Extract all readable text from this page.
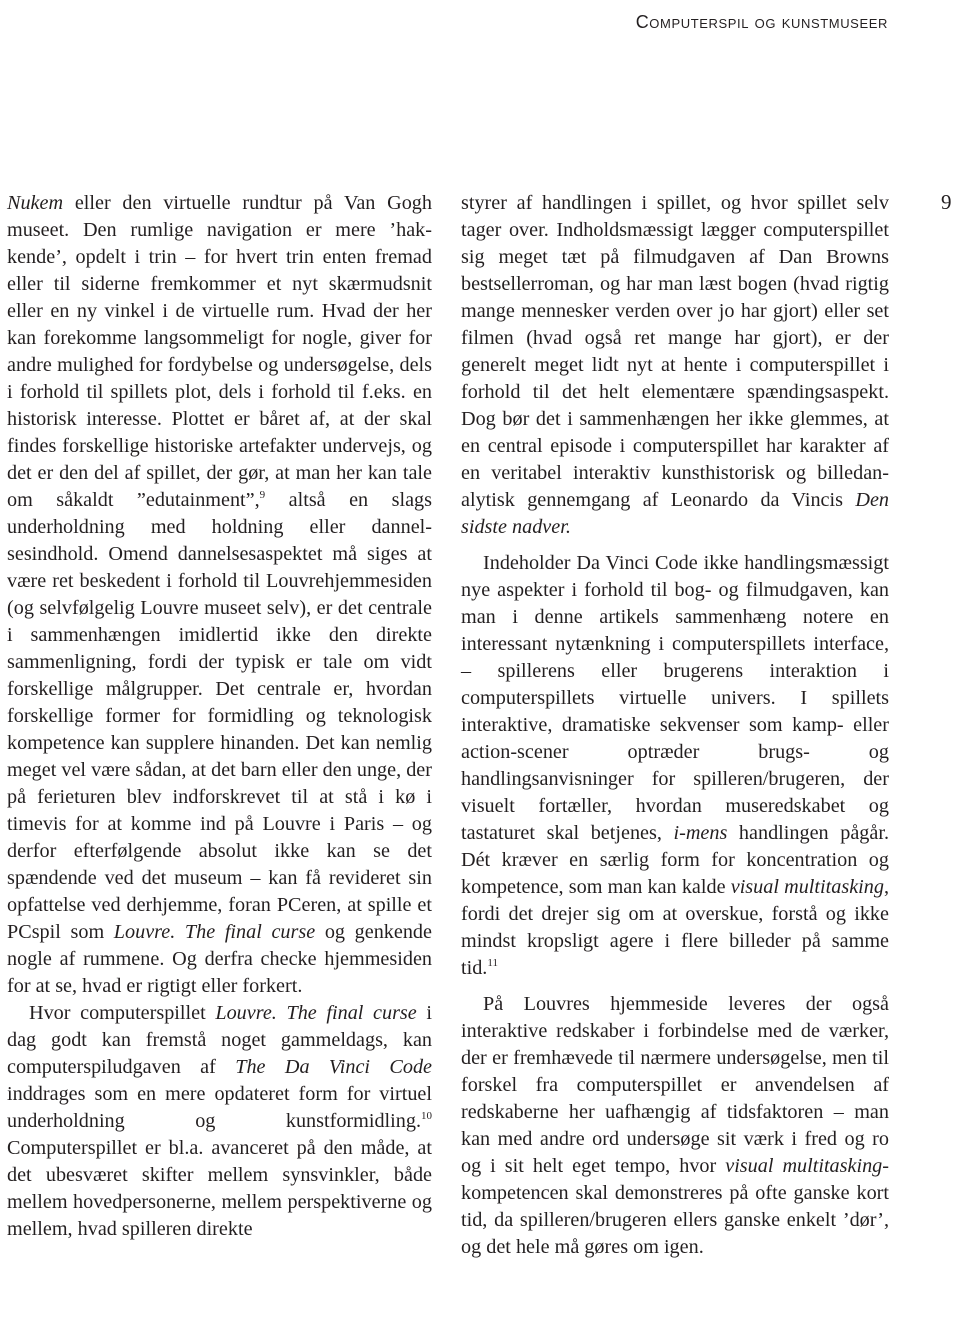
Computerspil og kunstmuseer
9

Nukem eller den virtuelle rundtur på Van Gogh museet. Den rumlige navigation er mere ’hakkende’, opdelt i trin – for hvert trin enten fremad eller til siderne fremkommer et nyt skærmudsnit eller en ny vinkel i de virtuelle rum. Hvad der her kan forekomme langsommeligt for nogle, giver for andre mulighed for fordybelse og undersøgelse, dels i forhold til spillets plot, dels i forhold til f.eks. en historisk interesse. Plottet er båret af, at der skal findes forskellige historiske artefakter undervejs, og det er den del af spillet, der gør, at man her kan tale om såkaldt ”edutainment”,$^9$ altså en slags underholdning med holdning eller dannelsesindhold. Omend dannelsesaspektet må siges at være ret beskedent i forhold til Louvrehjemmesiden (og selvfølgelig Louvre museet selv), er det centrale i sammenhængen imidlertid ikke den direkte sammenligning, fordi der typisk er tale om vidt forskellige målgrupper. Det centrale er, hvordan forskellige former for formidling og teknologisk kompetence kan supplere hinanden. Det kan nemlig meget vel være sådan, at det barn eller den unge, der på ferieturen blev indforskrevet til at stå i kø i timevis for at komme ind på Louvre i Paris – og derfor efterfølgende absolut ikke kan se det spændende ved det museum – kan få revideret sin opfattelse ved derhjemme, foran PCeren, at spille et PCspil som Louvre. The final curse og genkende nogle af rummene. Og derfra checke hjemmesiden for at se, hvad er rigtigt eller forkert.

Hvor computerspillet Louvre. The final curse i dag godt kan fremstå noget gammeldags, kan computerspiludgaven af The Da Vinci Code inddrages som en mere opdateret form for virtuel underholdning og kunstformidling.$^{10}$ Computerspillet er bl.a. avanceret på den måde, at det ubesværet skifter mellem synsvinkler, både mellem hovedpersonerne, mellem perspektiverne og mellem, hvad spilleren direkte

styrer af handlingen i spillet, og hvor spillet selv tager over. Indholdsmæssigt lægger computerspillet sig meget tæt på filmudgaven af Dan Browns bestsellerroman, og har man læst bogen (hvad rigtig mange mennesker verden over jo har gjort) eller set filmen (hvad også ret mange har gjort), er der generelt meget lidt nyt at hente i computerspillet i forhold til det helt elementære spændingsaspekt. Dog bør det i sammenhængen her ikke glemmes, at en central episode i computerspillet har karakter af en veritabel interaktiv kunsthistorisk og billedanalytisk gennemgang af Leonardo da Vincis Den sidste nadver.

Indeholder Da Vinci Code ikke handlingsmæssigt nye aspekter i forhold til bog- og filmudgaven, kan man i denne artikels sammenhæng notere en interessant nytænkning i computerspillets interface, – spillerens eller brugerens interaktion i computerspillets virtuelle univers. I spillets interaktive, dramatiske sekvenser som kamp- eller action-scener optræder brugs- og handlingsanvisninger for spilleren/brugeren, der visuelt fortæller, hvordan museredskabet og tastaturet skal betjenes, i-mens handlingen pågår. Dét kræver en særlig form for koncentration og kompetence, som man kan kalde visual multitasking, fordi det drejer sig om at overskue, forstå og ikke mindst kropsligt agere i flere billeder på samme tid.$^{11}$

På Louvres hjemmeside leveres der også interaktive redskaber i forbindelse med de værker, der er fremhævede til nærmere undersøgelse, men til forskel fra computerspillet er anvendelsen af redskaberne her uafhængig af tidsfaktoren – man kan med andre ord undersøge sit værk i fred og ro og i sit helt eget tempo, hvor visual multitasking-kompetencen skal demonstreres på ofte ganske kort tid, da spilleren/brugeren ellers ganske enkelt ’dør’, og det hele må gøres om igen.
